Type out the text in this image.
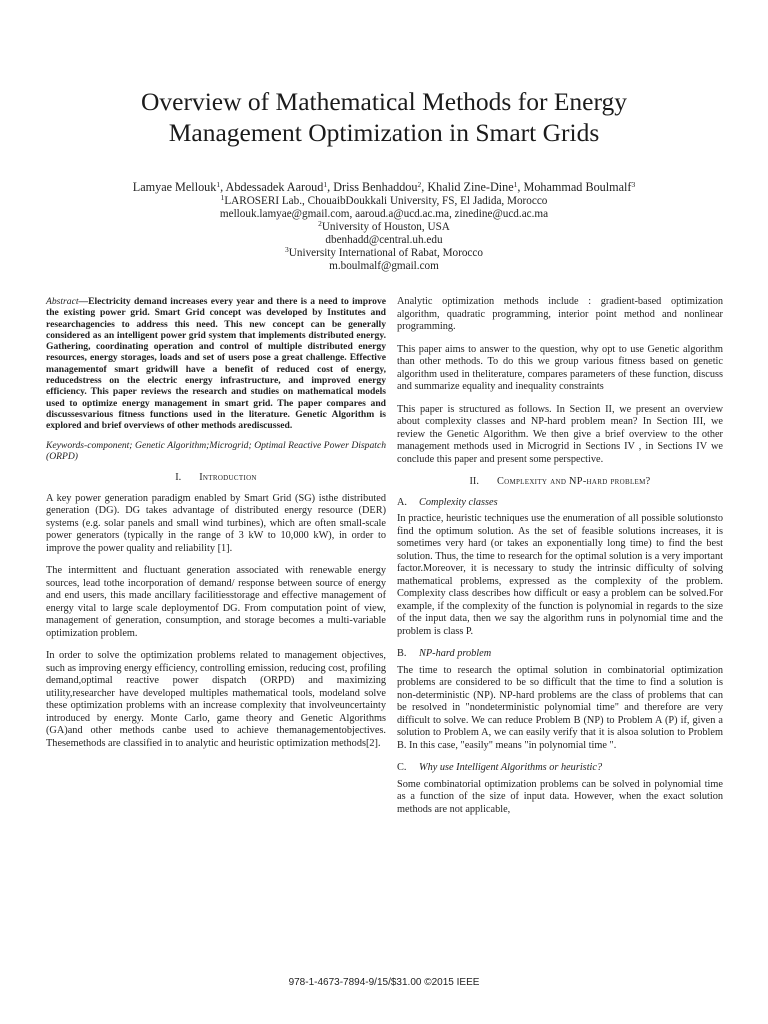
Overview of Mathematical Methods for Energy
Management Optimization in Smart Grids
Lamyae Mellouk$^1$, Abdessadek Aaroud$^1$, Driss Benhaddou$^2$, Khalid Zine-Dine$^1$, Mohammad Boulmalf$^3$
$^1$LAROSERI Lab., ChouaibDoukkali University, FS, El Jadida, Morocco
mellouk.lamyae@gmail.com, aaroud.a@ucd.ac.ma, zinedine@ucd.ac.ma
$^2$University of Houston, USA
dbenhadd@central.uh.edu
$^3$University International of Rabat, Morocco
m.boulmalf@gmail.com
Abstract—Electricity demand increases every year and there is a need to improve the existing power grid. Smart Grid concept was developed by Institutes and researchagencies to address this need. This new concept can be generally considered as an intelligent power grid system that implements distributed energy. Gathering, coordinating operation and control of multiple distributed energy resources, energy storages, loads and set of users pose a great challenge. Effective managementof smart gridwill have a benefit of reduced cost of energy, reducedstress on the electric energy infrastructure, and improved energy efficiency. This paper reviews the research and studies on mathematical models used to optimize energy management in smart grid. The paper compares and discussesvarious fitness functions used in the literature. Genetic Algorithm is explored and brief overviews of other methods arediscussed.
Keywords-component; Genetic Algorithm;Microgrid; Optimal Reactive Power Dispatch (ORPD)
I. Introduction

A key power generation paradigm enabled by Smart Grid (SG) isthe distributed generation (DG). DG takes advantage of distributed energy resource (DER) systems (e.g. solar panels and small wind turbines), which are often small-scale power generators (typically in the range of 3 kW to 10,000 kW), in order to improve the power quality and reliability [1].

The intermittent and fluctuant generation associated with renewable energy sources, lead tothe incorporation of demand/ response between source of energy and end users, this made ancillary facilitiesstorage and effective management of energy vital to large scale deploymentof DG. From computation point of view, management of generation, consumption, and storage becomes a multi-variable optimization problem.

In order to solve the optimization problems related to management objectives, such as improving energy efficiency, controlling emission, reducing cost, profiling demand,optimal reactive power dispatch (ORPD) and maximizing utility,researcher have developed multiples mathematical tools, modeland solve these optimization problems with an increase complexity that involveuncertainty introduced by energy. Monte Carlo, game theory and Genetic Algorithms (GA)and other methods canbe used to achieve themanagementobjectives. Thesemethods are classified in to analytic and heuristic optimization methods[2].

Analytic optimization methods include : gradient-based optimization algorithm, quadratic programming, interior point method and nonlinear programming.

This paper aims to answer to the question, why opt to use Genetic algorithm than other methods. To do this we group various fitness based on genetic algorithm used in theliterature, compares parameters of these function, discuss and summarize equality and inequality constraints

This paper is structured as follows. In Section II, we present an overview about complexity classes and NP-hard problem mean? In Section III, we review the Genetic Algorithm. We then give a brief overview to the other management methods used in Microgrid in Sections IV , in Sections IV we conclude this paper and present some perspective.

II. Complexity and NP-hard problem?
A. Complexity classes

In practice, heuristic techniques use the enumeration of all possible solutionsto find the optimum solution. As the set of feasible solutions increases, it is sometimes very hard (or takes an exponentially long time) to find the best solution. Thus, the time to research for the optimal solution is a very important factor.Moreover, it is necessary to study the intrinsic difficulty of solving mathematical problems, expressed as the complexity of the problem. Complexity class describes how difficult or easy a problem can be solved.For example, if the complexity of the function is polynomial in regards to the size of the input data, then we say the algorithm runs in polynomial time and the problem is class P.

B. NP-hard problem

The time to research the optimal solution in combinatorial optimization problems are considered to be so difficult that the time to find a solution is non-deterministic (NP). NP-hard problems are the class of problems that can be resolved in "nondeterministic polynomial time" and therefore are very difficult to solve. We can reduce Problem B (NP) to Problem A (P) if, given a solution to Problem A, we can easily verify that it is alsoa solution to Problem B. In this case, "easily" means "in polynomial time ".

C. Why use Intelligent Algorithms or heuristic?

Some combinatorial optimization problems can be solved in polynomial time as a function of the size of input data. However, when the exact solution methods are not applicable,

978-1-4673-7894-9/15/$31.00 ©2015 IEEE
